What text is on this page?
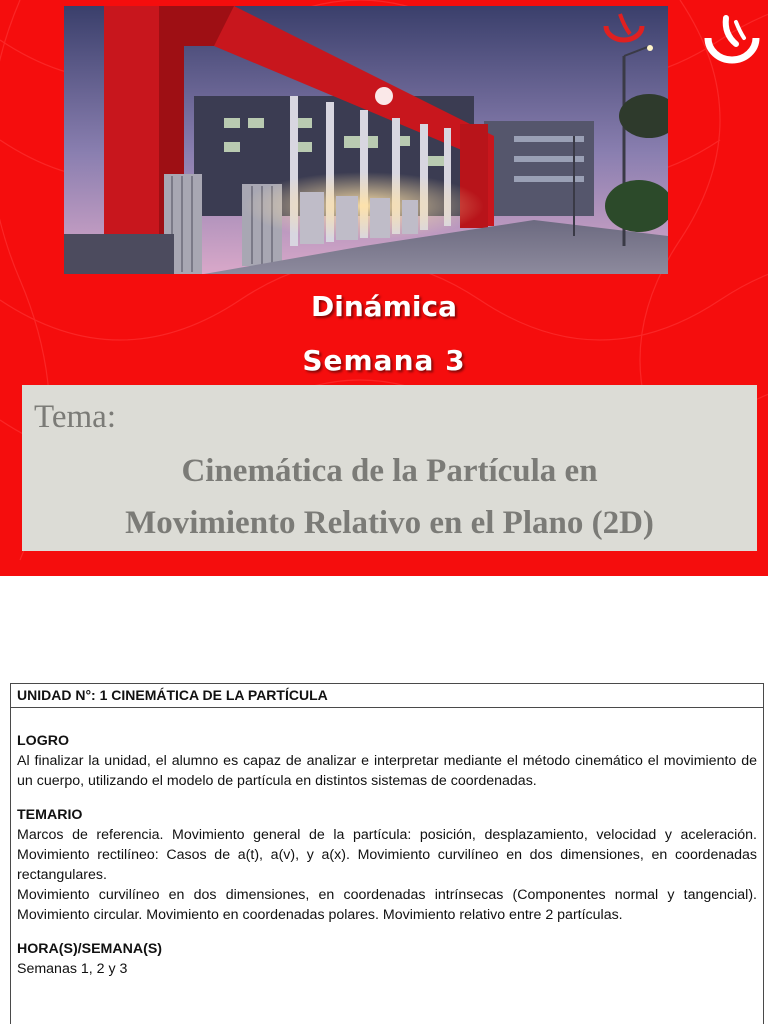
Dinámica
Semana 3
Tema:
Cinemática de la Partícula en
Movimiento Relativo en el Plano (2D)
UNIDAD N°: 1 CINEMÁTICA DE LA PARTÍCULA
LOGRO
Al finalizar la unidad, el alumno es capaz de analizar e interpretar mediante el método cinemático el movimiento de un cuerpo, utilizando el modelo de partícula en distintos sistemas de coordenadas.
TEMARIO
Marcos de referencia. Movimiento general de la partícula: posición, desplazamiento, velocidad y aceleración. Movimiento rectilíneo: Casos de a(t), a(v), y a(x). Movimiento curvilíneo en dos dimensiones, en coordenadas rectangulares.
Movimiento curvilíneo en dos dimensiones, en coordenadas intrínsecas (Componentes normal y tangencial). Movimiento circular. Movimiento en coordenadas polares. Movimiento relativo entre 2 partículas.
HORA(S)/SEMANA(S)
Semanas 1, 2 y 3
